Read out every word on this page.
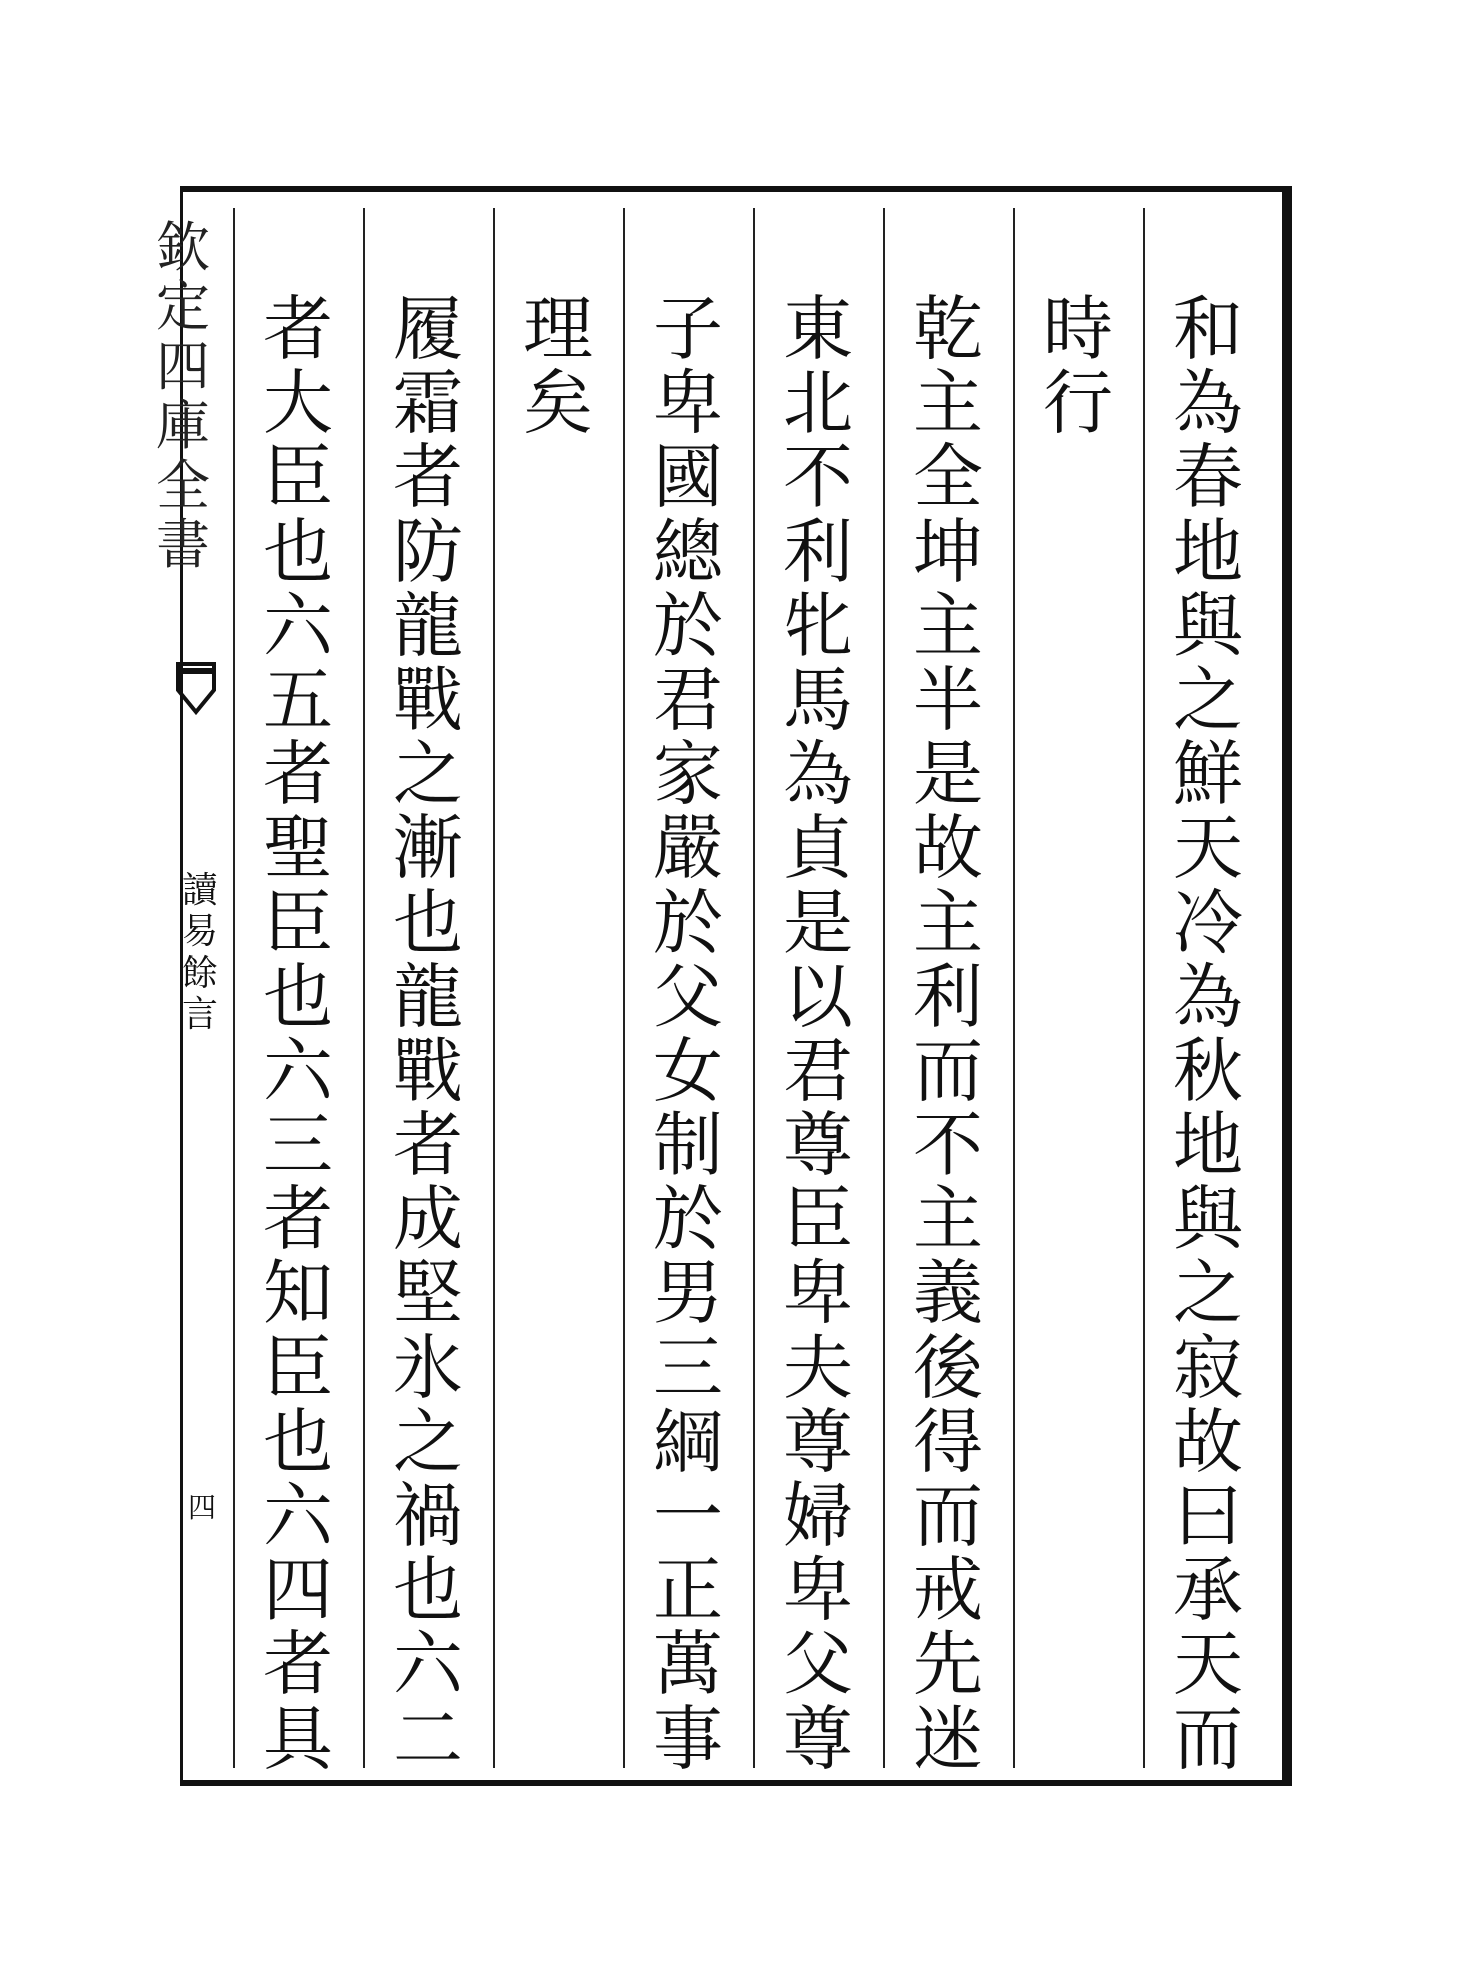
欽
定
四
庫
全
書
讀
易
餘
言
四
和
為
春
地
與
之
鮮
天
冷
為
秋
地
與
之
寂
故
曰
承
天
而
時
行
乾
主
全
坤
主
半
是
故
主
利
而
不
主
義
後
得
而
戒
先
迷
東
北
不
利
牝
馬
為
貞
是
以
君
尊
臣
卑
夫
尊
婦
卑
父
尊
子
卑
國
總
於
君
家
嚴
於
父
女
制
於
男
三
綱
一
正
萬
事
理
矣
履
霜
者
防
龍
戰
之
漸
也
龍
戰
者
成
堅
氷
之
禍
也
六
二
者
大
臣
也
六
五
者
聖
臣
也
六
三
者
知
臣
也
六
四
者
具
